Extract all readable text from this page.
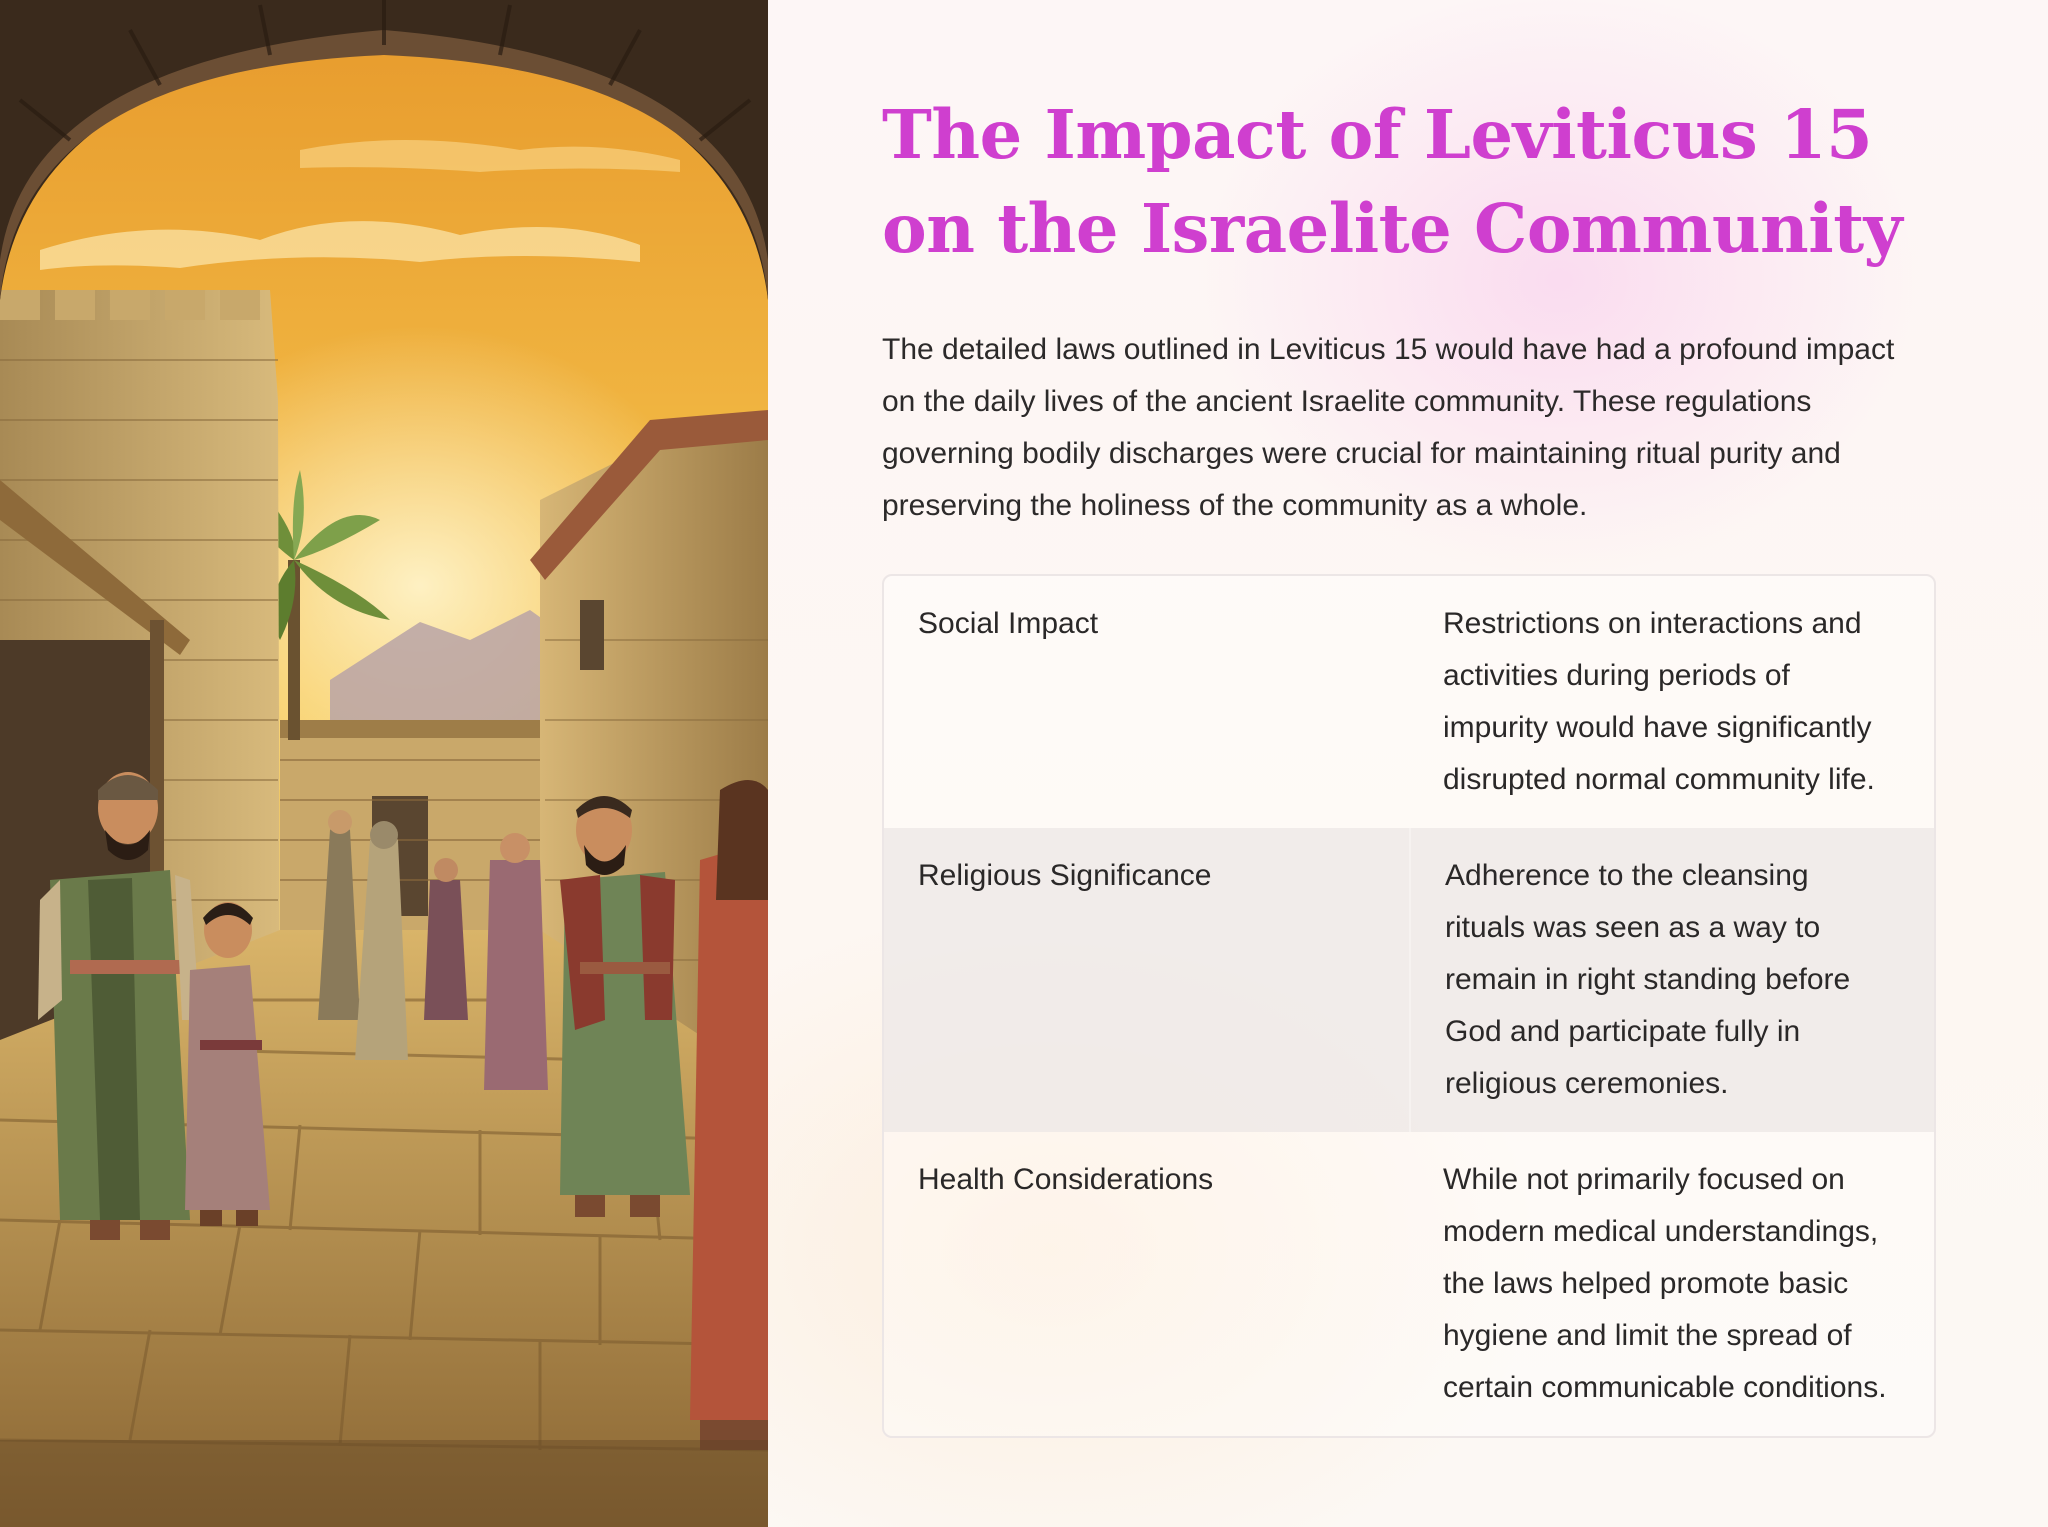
The Impact of Leviticus 15 on the Israelite Community

The detailed laws outlined in Leviticus 15 would have had a profound impact on the daily lives of the ancient Israelite community. These regulations governing bodily discharges were crucial for maintaining ritual purity and preserving the holiness of the community as a whole.

Social Impact	Restrictions on interactions and activities during periods of impurity would have significantly disrupted normal community life.
Religious Significance	Adherence to the cleansing rituals was seen as a way to remain in right standing before God and participate fully in religious ceremonies.
Health Considerations	While not primarily focused on modern medical understandings, the laws helped promote basic hygiene and limit the spread of certain communicable conditions.
